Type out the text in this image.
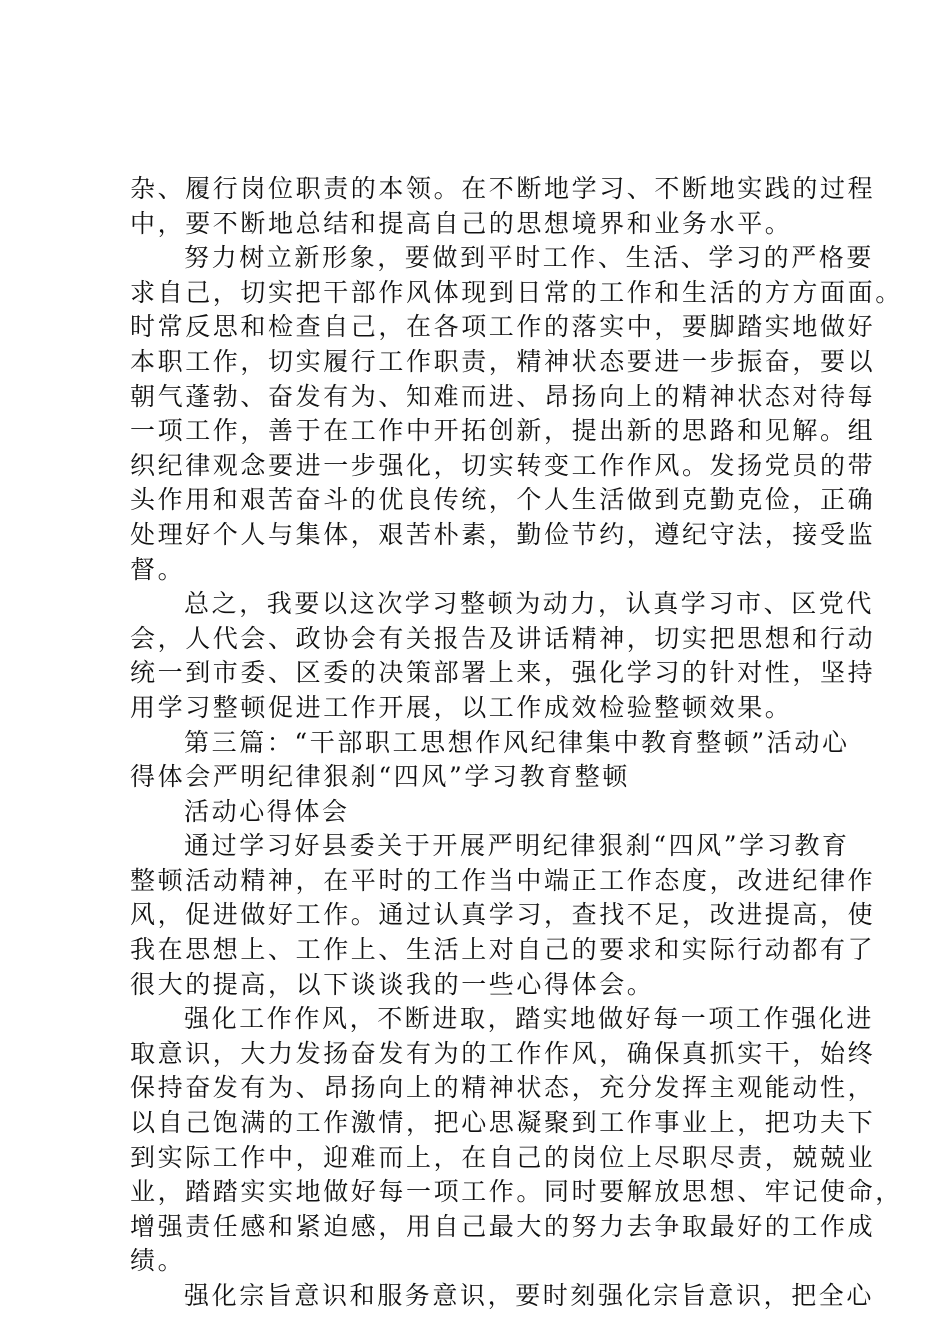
杂、履行岗位职责的本领。在不断地学习、不断地实践的过程
中，要不断地总结和提高自己的思想境界和业务水平。
努力树立新形象，要做到平时工作、生活、学习的严格要
求自己，切实把干部作风体现到日常的工作和生活的方方面面。
时常反思和检查自己，在各项工作的落实中，要脚踏实地做好
本职工作，切实履行工作职责，精神状态要进一步振奋，要以
朝气蓬勃、奋发有为、知难而进、昂扬向上的精神状态对待每
一项工作，善于在工作中开拓创新，提出新的思路和见解。组
织纪律观念要进一步强化，切实转变工作作风。发扬党员的带
头作用和艰苦奋斗的优良传统，个人生活做到克勤克俭，正确
处理好个人与集体，艰苦朴素，勤俭节约，遵纪守法，接受监
督。
总之，我要以这次学习整顿为动力，认真学习市、区党代
会，人代会、政协会有关报告及讲话精神，切实把思想和行动
统一到市委、区委的决策部署上来，强化学习的针对性，坚持
用学习整顿促进工作开展，以工作成效检验整顿效果。
第三篇：“干部职工思想作风纪律集中教育整顿”活动心
得体会严明纪律狠刹“四风”学习教育整顿
活动心得体会
通过学习好县委关于开展严明纪律狠刹“四风”学习教育
整顿活动精神，在平时的工作当中端正工作态度，改进纪律作
风，促进做好工作。通过认真学习，查找不足，改进提高，使
我在思想上、工作上、生活上对自己的要求和实际行动都有了
很大的提高，以下谈谈我的一些心得体会。
强化工作作风，不断进取，踏实地做好每一项工作强化进
取意识，大力发扬奋发有为的工作作风，确保真抓实干，始终
保持奋发有为、昂扬向上的精神状态，充分发挥主观能动性，
以自己饱满的工作激情，把心思凝聚到工作事业上，把功夫下
到实际工作中，迎难而上，在自己的岗位上尽职尽责，兢兢业
业，踏踏实实地做好每一项工作。同时要解放思想、牢记使命，
增强责任感和紧迫感，用自己最大的努力去争取最好的工作成
绩。
强化宗旨意识和服务意识，要时刻强化宗旨意识，把全心
